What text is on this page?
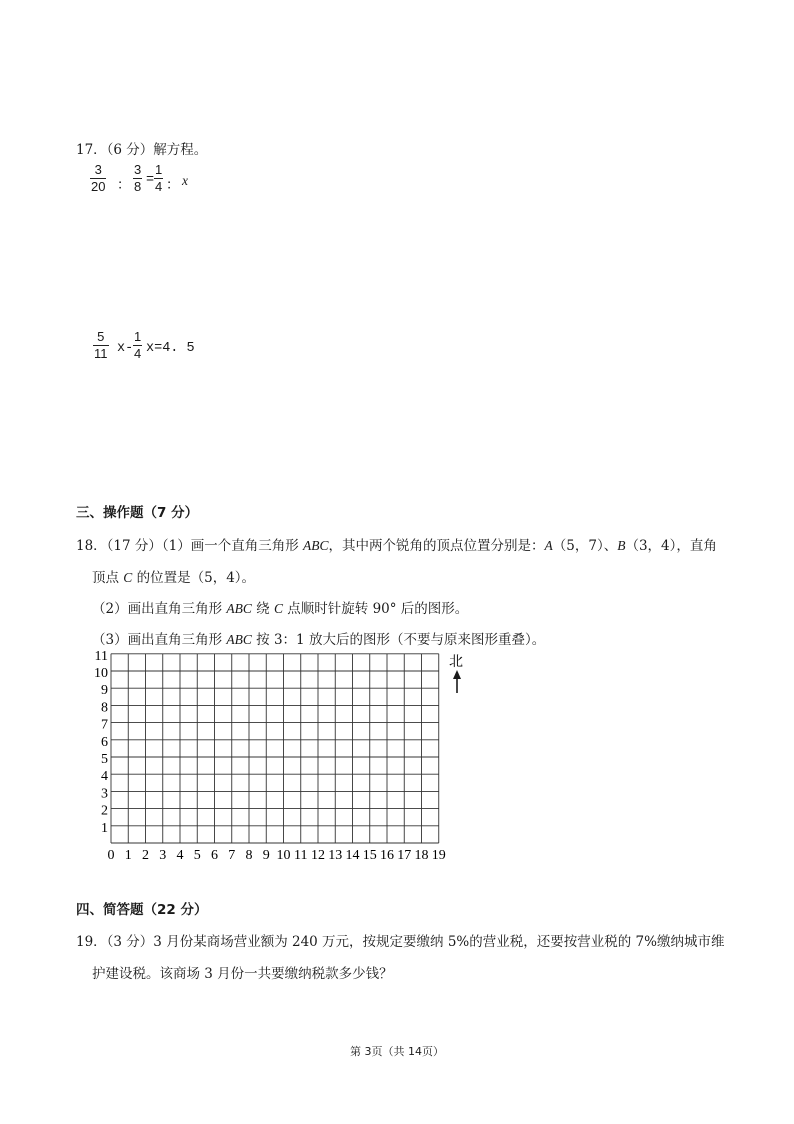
17．（6 分）解方程。
$\frac{3}{20}$ ： $\frac{3}{8} = \frac{1}{4}$ ： x
$\frac{5}{11} x- \frac{1}{4} x=4$. 5
三、操作题（7 分）
18．（17 分）（1）画一个直角三角形 ABC，其中两个锐角的顶点位置分别是：A（5，7）、B（3，4），直角
顶点 C 的位置是（5，4）。
（2）画出直角三角形 ABC 绕 C 点顺时针旋转 90° 后的图形。
（3）画出直角三角形 ABC 按 3：1 放大后的图形（不要与原来图形重叠）。
0 1 2 3 4 5 6 7 8 9 10 11 12 13 14 15 16 17 18 19
1
2
3
4
5
6
7
8
9
10
11	北
四、简答题（22 分）
19．（3 分）3 月份某商场营业额为 240 万元，按规定要缴纳 5%的营业税，还要按营业税的 7%缴纳城市维
护建设税。该商场 3 月份一共要缴纳税款多少钱？
第 3页（共 14页）
